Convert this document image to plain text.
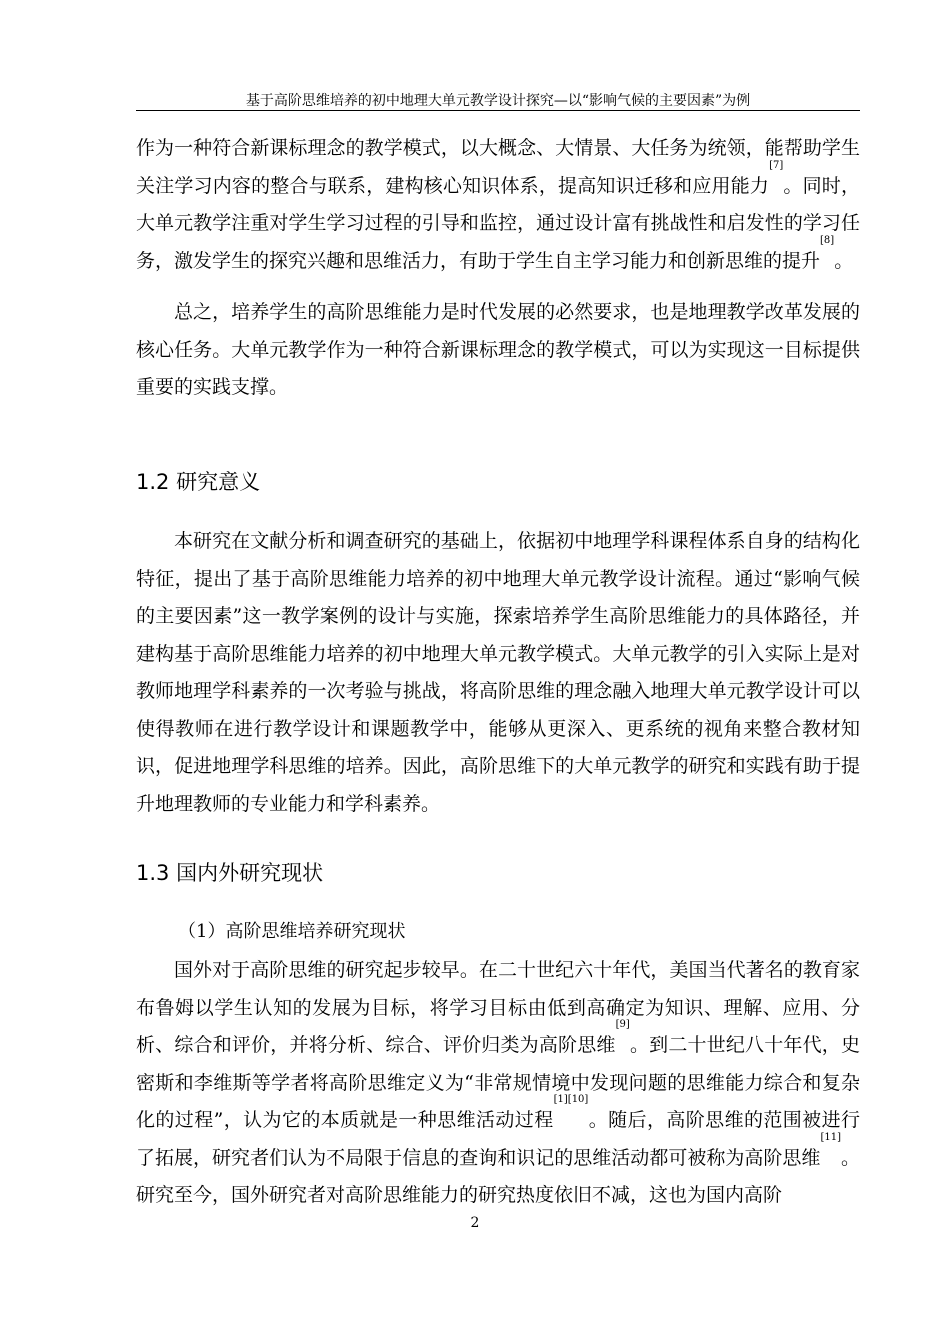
基于高阶思维培养的初中地理大单元教学设计探究—以“影响气候的主要因素”为例

作为一种符合新课标理念的教学模式，以大概念、大情景、大任务为统领，能帮助学生关注学习内容的整合与联系，建构核心知识体系，提高知识迁移和应用能力[7]。同时，大单元教学注重对学生学习过程的引导和监控，通过设计富有挑战性和启发性的学习任务，激发学生的探究兴趣和思维活力，有助于学生自主学习能力和创新思维的提升[8]。

总之，培养学生的高阶思维能力是时代发展的必然要求，也是地理教学改革发展的核心任务。大单元教学作为一种符合新课标理念的教学模式，可以为实现这一目标提供重要的实践支撑。

1.2 研究意义

本研究在文献分析和调查研究的基础上，依据初中地理学科课程体系自身的结构化特征，提出了基于高阶思维能力培养的初中地理大单元教学设计流程。通过“影响气候的主要因素”这一教学案例的设计与实施，探索培养学生高阶思维能力的具体路径，并建构基于高阶思维能力培养的初中地理大单元教学模式。大单元教学的引入实际上是对教师地理学科素养的一次考验与挑战，将高阶思维的理念融入地理大单元教学设计可以使得教师在进行教学设计和课题教学中，能够从更深入、更系统的视角来整合教材知识，促进地理学科思维的培养。因此，高阶思维下的大单元教学的研究和实践有助于提升地理教师的专业能力和学科素养。

1.3 国内外研究现状
（1）高阶思维培养研究现状

国外对于高阶思维的研究起步较早。在二十世纪六十年代，美国当代著名的教育家布鲁姆以学生认知的发展为目标，将学习目标由低到高确定为知识、理解、应用、分析、综合和评价，并将分析、综合、评价归类为高阶思维[9]。到二十世纪八十年代，史密斯和李维斯等学者将高阶思维定义为“非常规情境中发现问题的思维能力综合和复杂化的过程”，认为它的本质就是一种思维活动过程[1][10]。随后，高阶思维的范围被进行了拓展，研究者们认为不局限于信息的查询和识记的思维活动都可被称为高阶思维[11]。研究至今，国外研究者对高阶思维能力的研究热度依旧不减，这也为国内高阶

2
